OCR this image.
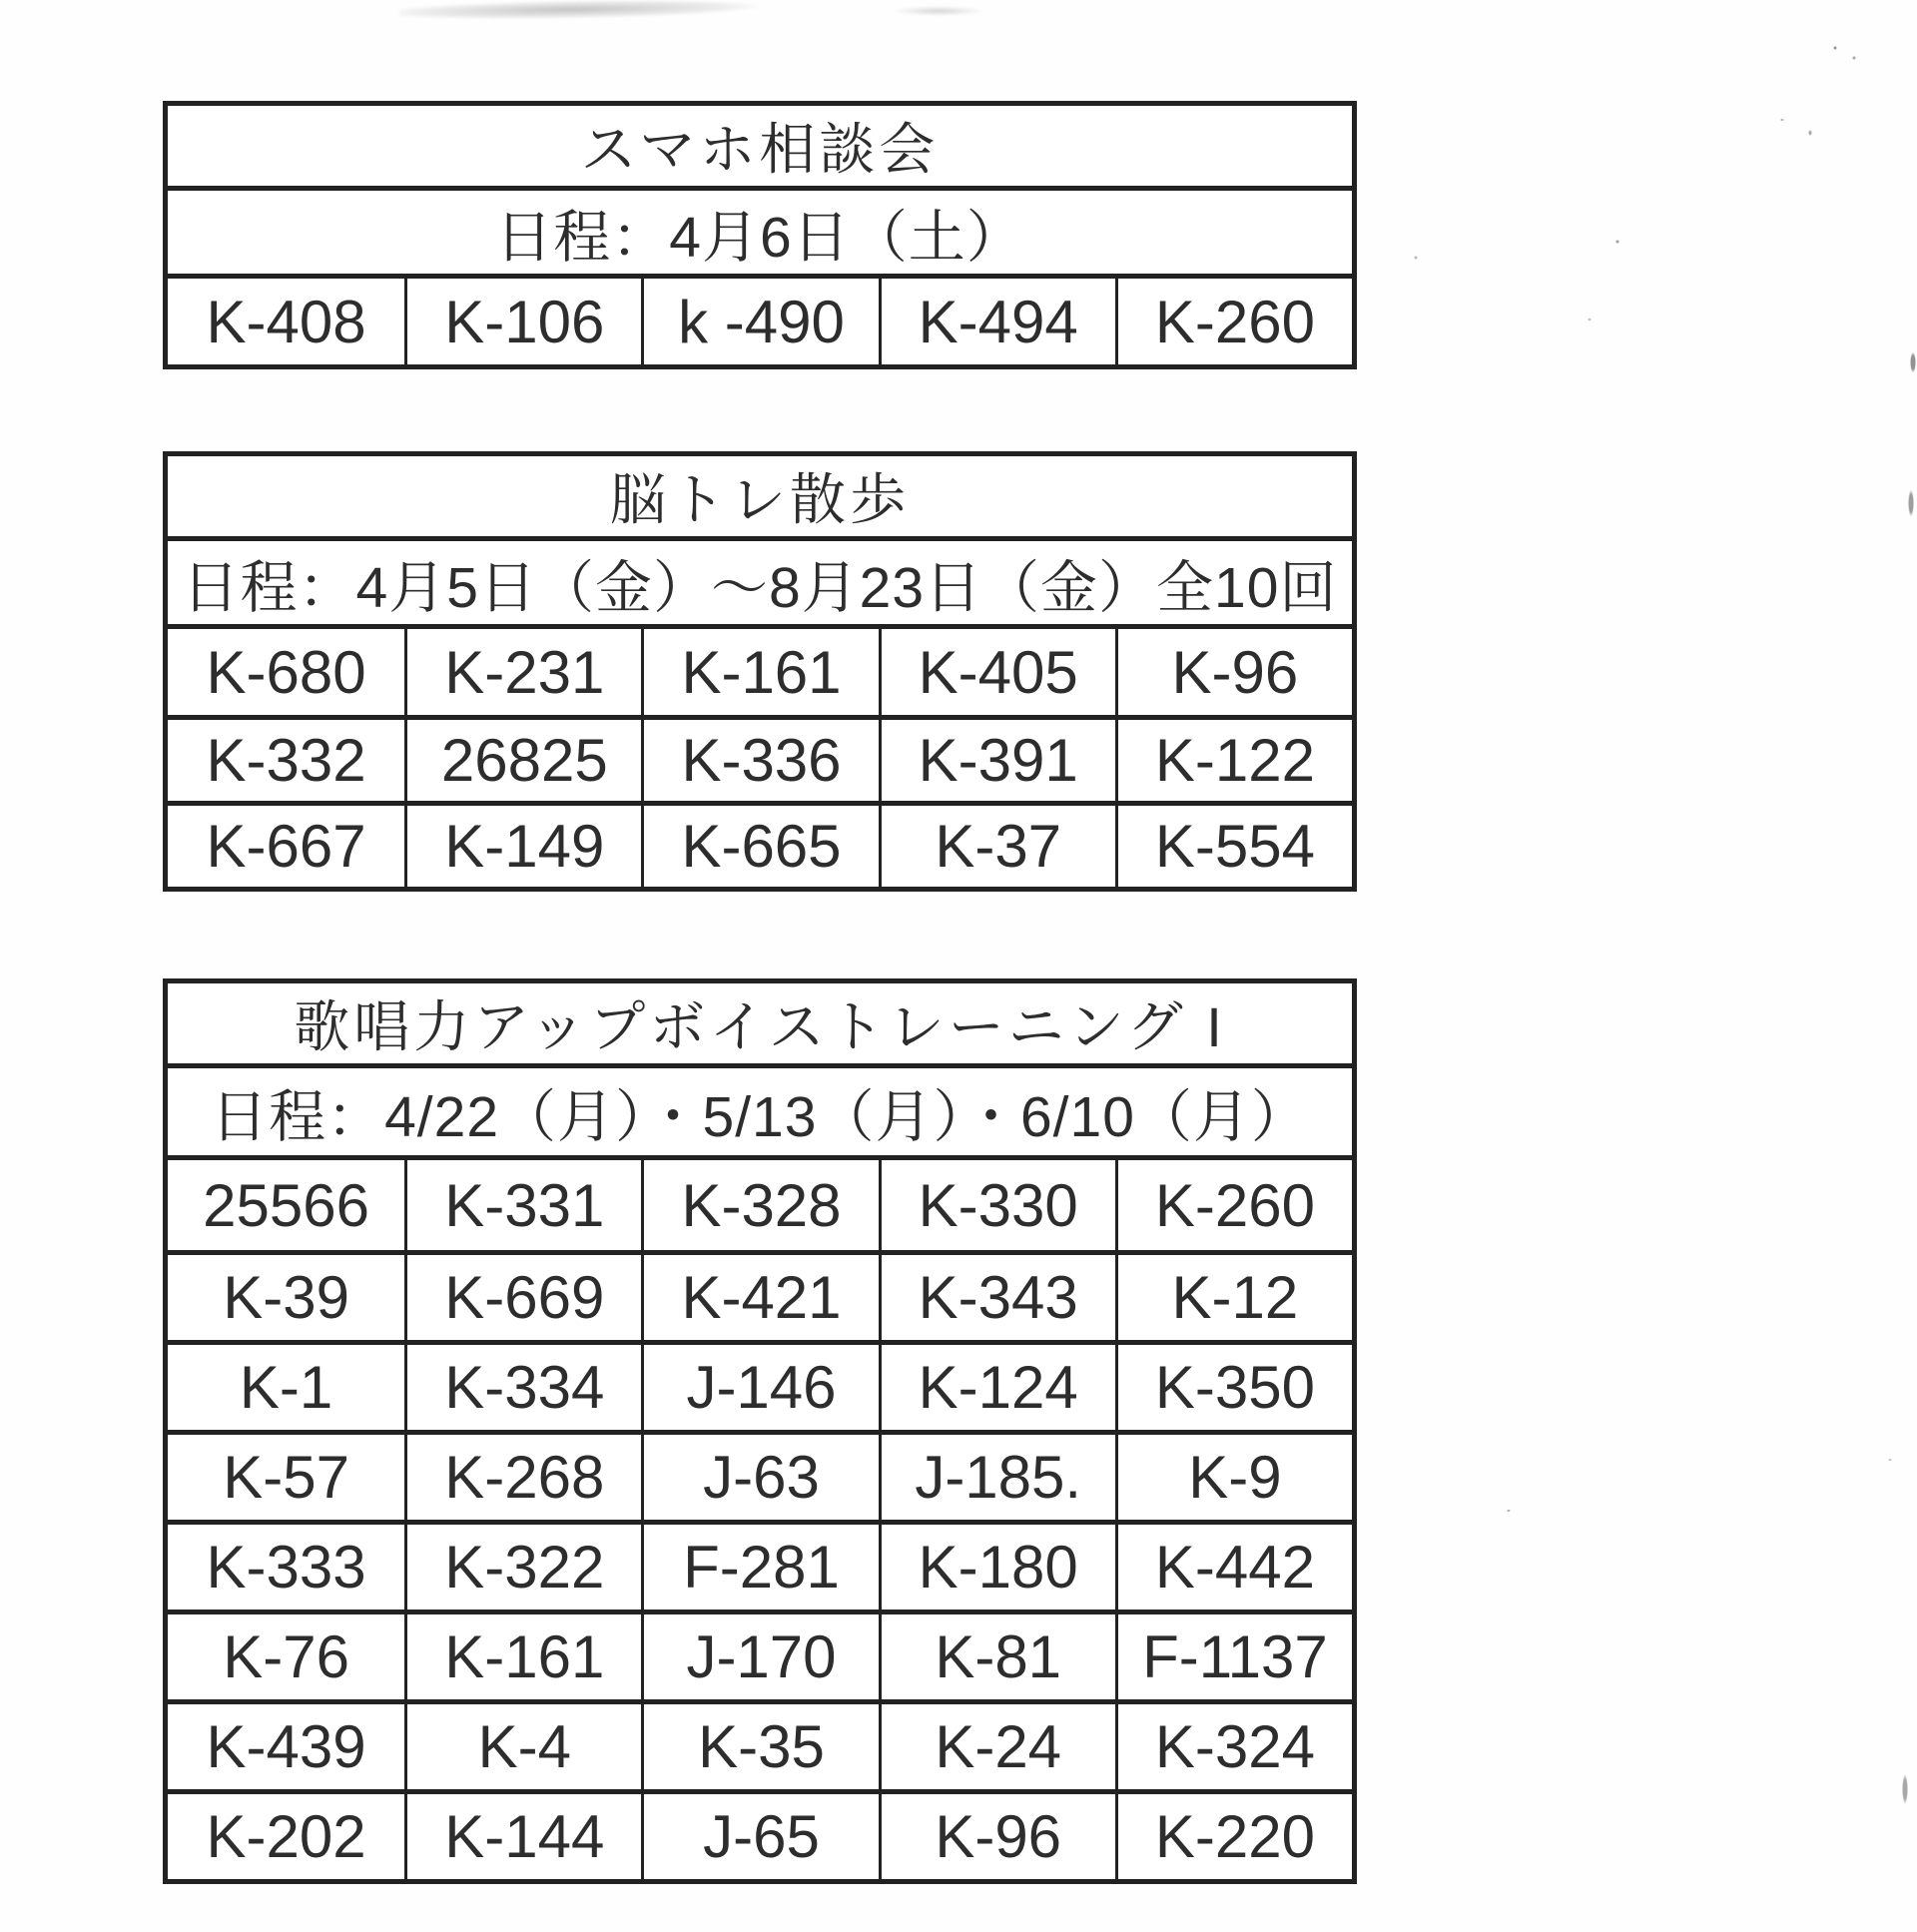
スマホ相談会
日程：4月6日（土）
K-408	K-106	k -490	K-494	K-260
脳トレ散歩
日程：4月5日（金）～8月23日（金）全10回
K-680	K-231	K-161	K-405	K-96
K-332	26825	K-336	K-391	K-122
K-667	K-149	K-665	K-37	K-554
歌唱力アップボイストレーニング I
日程：4/22（月）・5/13（月）・6/10（月）
25566	K-331	K-328	K-330	K-260
K-39	K-669	K-421	K-343	K-12
K-1	K-334	J-146	K-124	K-350
K-57	K-268	J-63	J-185.	K-9
K-333	K-322	F-281	K-180	K-442
K-76	K-161	J-170	K-81	F-1137
K-439	K-4	K-35	K-24	K-324
K-202	K-144	J-65	K-96	K-220
